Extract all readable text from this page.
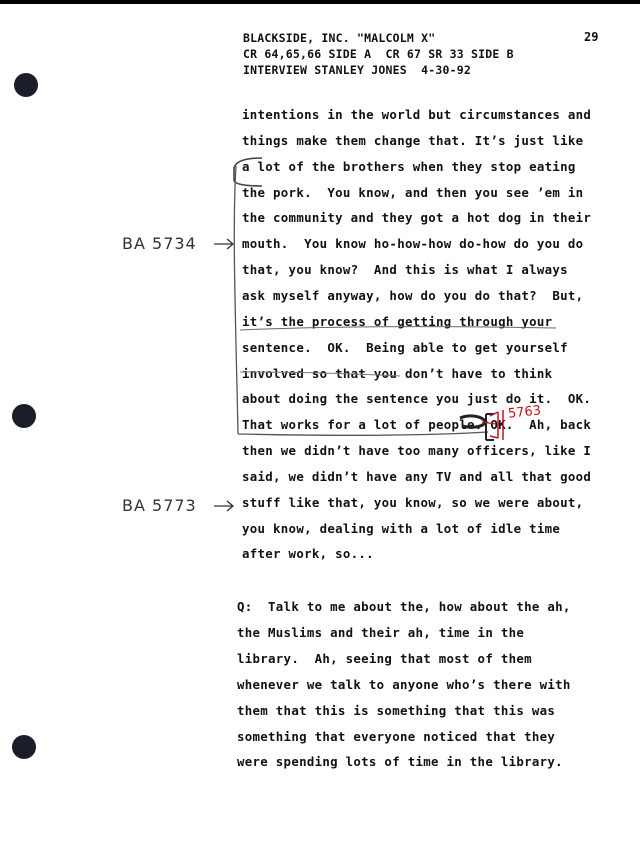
BLACKSIDE, INC. "MALCOLM X"
CR 64,65,66 SIDE A  CR 67 SR 33 SIDE B
INTERVIEW STANLEY JONES  4-30-92
29
intentions in the world but circumstances and
things make them change that. It’s just like
a lot of the brothers when they stop eating
the pork.  You know, and then you see ’em in
the community and they got a hot dog in their
mouth.  You know ho-how-how do-how do you do
that, you know?  And this is what I always
ask myself anyway, how do you do that?  But,
it’s the process of getting through your
sentence.  OK.  Being able to get yourself
involved so that you don’t have to think
about doing the sentence you just do it.  OK.
That works for a lot of people. OK.  Ah, back
then we didn’t have too many officers, like I
said, we didn’t have any TV and all that good
stuff like that, you know, so we were about,
you know, dealing with a lot of idle time
after work, so...
Q:  Talk to me about the, how about the ah,
the Muslims and their ah, time in the
library.  Ah, seeing that most of them
whenever we talk to anyone who’s there with
them that this is something that this was
something that everyone noticed that they
were spending lots of time in the library.
BA 5734
BA 5773
5763
